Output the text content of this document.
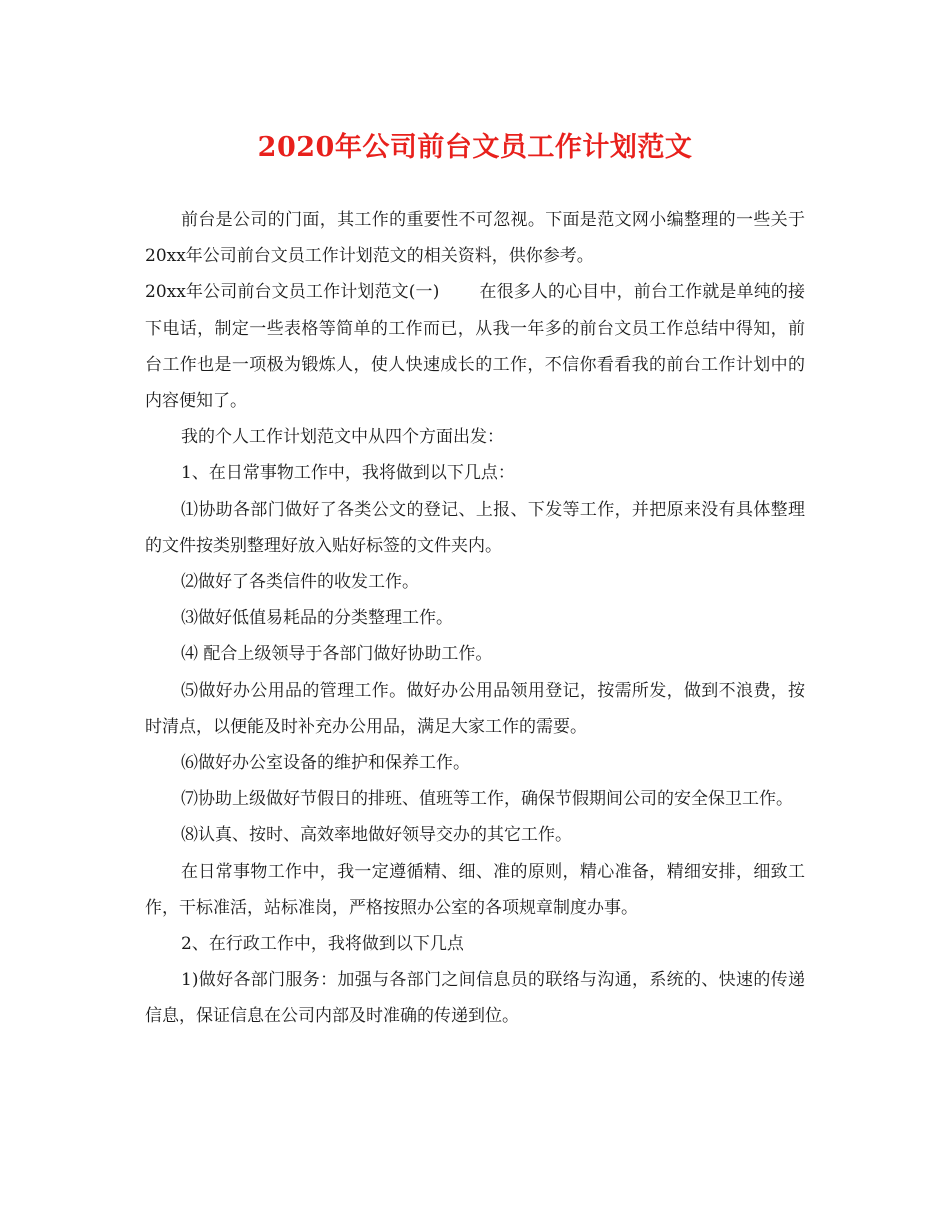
2020年公司前台文员工作计划范文

前台是公司的门面，其工作的重要性不可忽视。下面是范文网小编整理的一些关于20xx年公司前台文员工作计划范文的相关资料，供你参考。

20xx年公司前台文员工作计划范文(一) 在很多人的心目中，前台工作就是单纯的接下电话，制定一些表格等简单的工作而已，从我一年多的前台文员工作总结中得知，前台工作也是一项极为锻炼人，使人快速成长的工作，不信你看看我的前台工作计划中的内容便知了。

我的个人工作计划范文中从四个方面出发：

1、在日常事物工作中，我将做到以下几点：

⑴协助各部门做好了各类公文的登记、上报、下发等工作，并把原来没有具体整理的文件按类别整理好放入贴好标签的文件夹内。

⑵做好了各类信件的收发工作。

⑶做好低值易耗品的分类整理工作。

⑷ 配合上级领导于各部门做好协助工作。

⑸做好办公用品的管理工作。做好办公用品领用登记，按需所发，做到不浪费，按时清点，以便能及时补充办公用品，满足大家工作的需要。

⑹做好办公室设备的维护和保养工作。

⑺协助上级做好节假日的排班、值班等工作，确保节假期间公司的安全保卫工作。

⑻认真、按时、高效率地做好领导交办的其它工作。

在日常事物工作中，我一定遵循精、细、准的原则，精心准备，精细安排，细致工作，干标准活，站标准岗，严格按照办公室的各项规章制度办事。

2、在行政工作中，我将做到以下几点

1)做好各部门服务：加强与各部门之间信息员的联络与沟通，系统的、快速的传递信息，保证信息在公司内部及时准确的传递到位。
